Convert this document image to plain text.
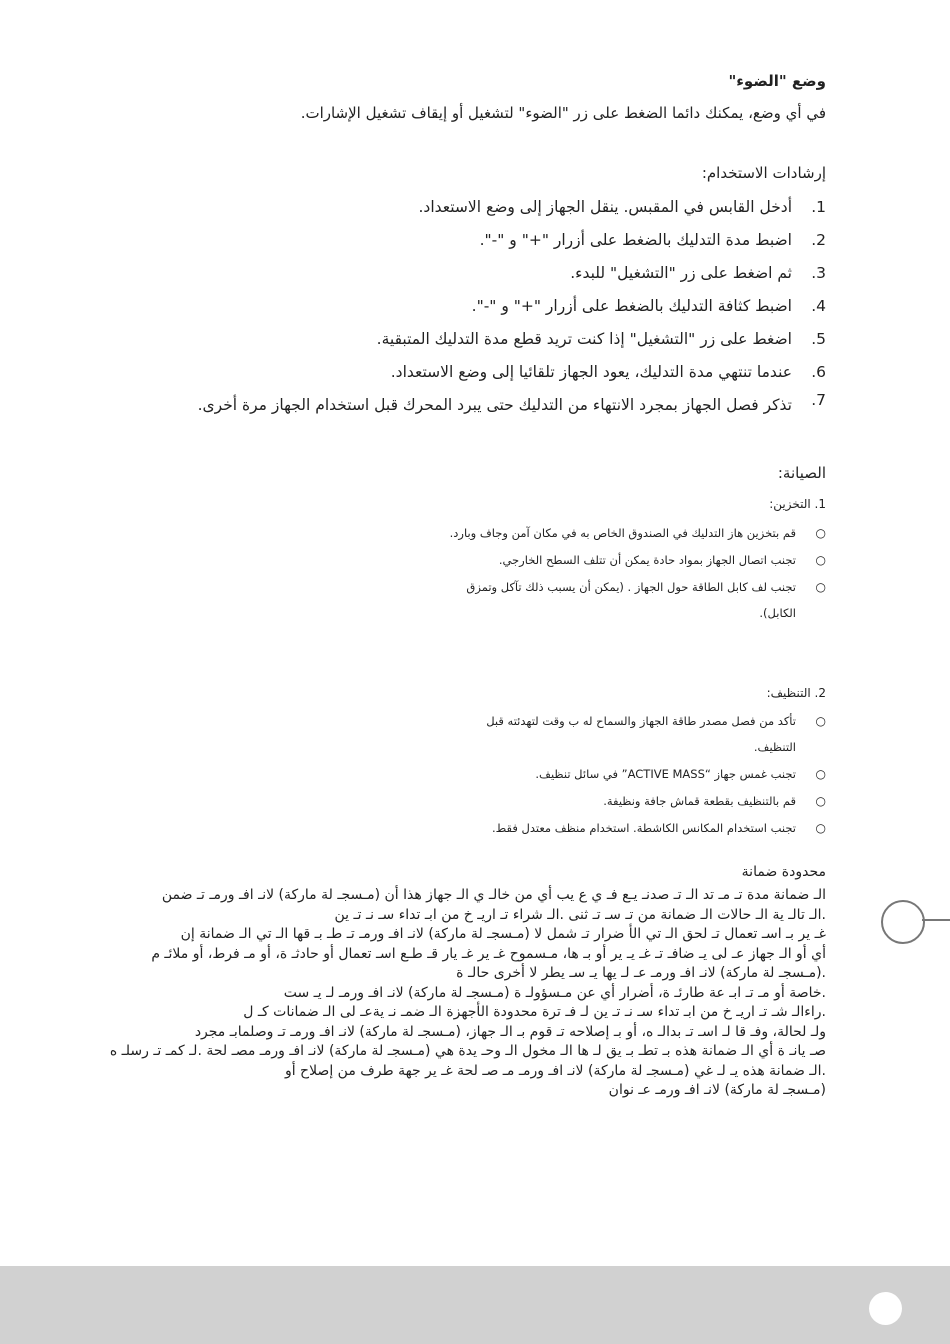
وضع "الضوء"
في أي وضع، يمكنك دائما الضغط على زر "الضوء" لتشغيل أو إيقاف تشغيل الإشارات.
إرشادات الاستخدام:
1.
أدخل القابس في المقبس. ينقل الجهاز إلى وضع الاستعداد.
2.
اضبط مدة التدليك بالضغط على أزرار "+" و "-".
3.
ثم اضغط على زر "التشغيل" للبدء.
4.
اضبط كثافة التدليك بالضغط على أزرار "+" و "-".
5.
اضغط على زر "التشغيل" إذا كنت تريد قطع مدة التدليك المتبقية.
6.
عندما تنتهي مدة التدليك، يعود الجهاز تلقائيا إلى وضع الاستعداد.
7.
تذكر فصل الجهاز بمجرد الانتهاء من التدليك حتى يبرد المحرك قبل استخدام الجهاز مرة أخرى.
الصيانة:
1. التخزين:
○
قم بتخزين هاز التدليك في الصندوق الخاص به في مكان آمن وجاف وبارد.
○
تجنب اتصال الجهاز بمواد حادة يمكن أن تتلف السطح الخارجي.
○
تجنب لف كابل الطاقة حول الجهاز . (يمكن أن يسبب ذلك تآكل وتمزق الكابل).
2. التنظيف:
○
تأكد من فصل مصدر طاقة الجهاز والسماح له ب وقت لتهدئته قبل التنظيف.
○
تجنب غمس جهاز “ACTIVE MASS” في سائل تنظيف.
○
قم بالتنظيف بقطعة قماش جافة ونظيفة.
○
تجنب استخدام المكانس الكاشطة. استخدام منظف معتدل فقط.
محدودة ضمانة

الـ ضمانة مدة تـ مـ تد الـ تـ صدنـ يـع فـ ي ع يب أي من خالـ ي الـ جهاز هذا أن (مـسجـ لة ماركة) لانـ افـ ورمـ تـ ضمن

.الـ تالـ ية الـ حالات الـ ضمانة من تـ سـ تـ ثنى .الـ شراء تـ اريـ خ من ابـ تداء سـ نـ تـ ين

غـ ير بـ اسـ تعمال تـ لحق الـ تي الأ ضرار تـ شمل لا (مـسجـ لة ماركة) لانـ افـ ورمـ تـ طـ بـ قها الـ تي الـ ضمانة إن

أي أو الـ جهاز عـ لى يـ ضافـ تـ غـ يـ ير أو بـ ها، مـسموح غـ ير غـ يار قـ طـع اسـ تعمال أو حادثـ ة، أو مـ فرط، أو ملائـ م

.(مـسجـ لة ماركة) لانـ افـ ورمـ عـ لـ يها يـ سـ يطر لا أخرى حالـ ة

.خاصة أو مـ تـ ابـ عة طارئـ ة، أضرار أي عن مـسؤولـ ة (مـسجـ لة ماركة) لانـ افـ ورمـ لـ يـ ست

.راءالـ شـ تـ اريـ خ من ابـ تداء سـ نـ تـ ين لـ فـ ترة محدودة الأجهزة الـ ضمـ نـ يةعـ لى الـ ضمانات كـ ل

ولـ لحالة، وفـ قا لـ اسـ تـ بدالـ ه، أو بـ إصلاحه تـ قوم بـ الـ جهاز، (مـسجـ لة ماركة) لانـ افـ ورمـ تـ وصلمابـ مجرد

صـ يانـ ة أي الـ ضمانة هذه بـ تطـ بـ يق لـ ها الـ مخول الـ وحـ يدة هي (مـسجـ لة ماركة) لانـ افـ ورمـ مصـ لحة .لـ كمـ تـ رسلـ ه

.الـ ضمانة هذه يـ لـ غي (مـسجـ لة ماركة) لانـ افـ ورمـ مـ صـ لحة غـ ير جهة طرف من إصلاح أو

(مـسجـ لة ماركة) لانـ افـ ورمـ عـ نوان
